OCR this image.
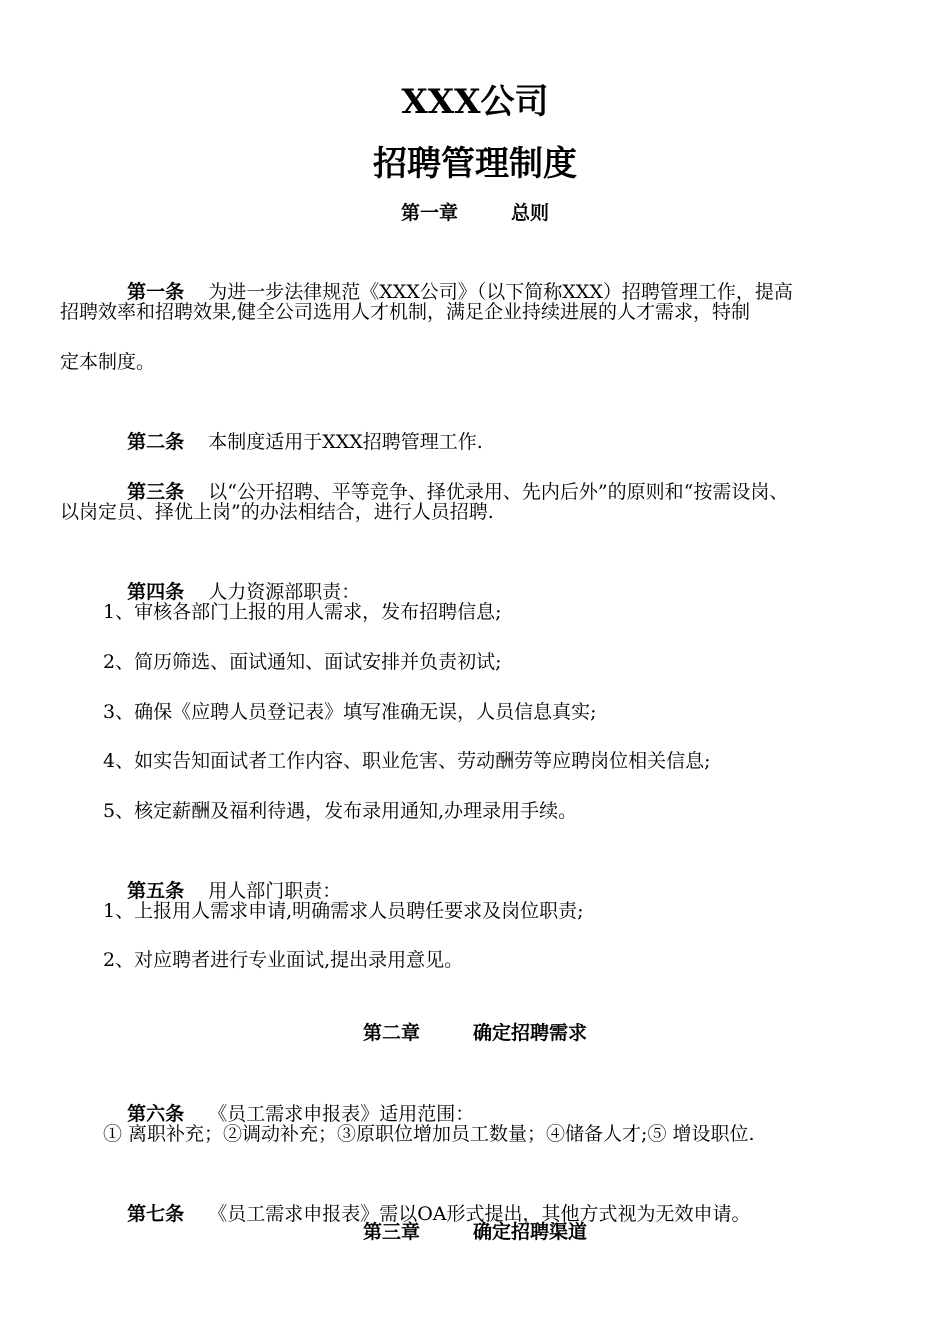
XXX公司
招聘管理制度
第一章        总则

第一条 为进一步法律规范《XXX公司》（以下简称XXX）招聘管理工作，提高

招聘效率和招聘效果,健全公司选用人才机制，满足企业持续进展的人才需求，特制
定本制度。

第二条 本制度适用于XXX招聘管理工作.

第三条 以“公开招聘、平等竞争、择优录用、先内后外”的原则和“按需设岗、

以岗定员、择优上岗”的办法相结合，进行人员招聘.

第四条 人力资源部职责：

1、审核各部门上报的用人需求，发布招聘信息;
2、简历筛选、面试通知、面试安排并负责初试;
3、确保《应聘人员登记表》填写准确无误，人员信息真实;
4、如实告知面试者工作内容、职业危害、劳动酬劳等应聘岗位相关信息;
5、核定薪酬及福利待遇，发布录用通知,办理录用手续。

第五条 用人部门职责：

1、上报用人需求申请,明确需求人员聘任要求及岗位职责;
2、对应聘者进行专业面试,提出录用意见。
第二章        确定招聘需求

第六条 《员工需求申报表》适用范围：

① 离职补充；②调动补充；③原职位增加员工数量；④储备人才;⑤ 增设职位.

第七条 《员工需求申报表》需以OA形式提出，其他方式视为无效申请。

第三章        确定招聘渠道
